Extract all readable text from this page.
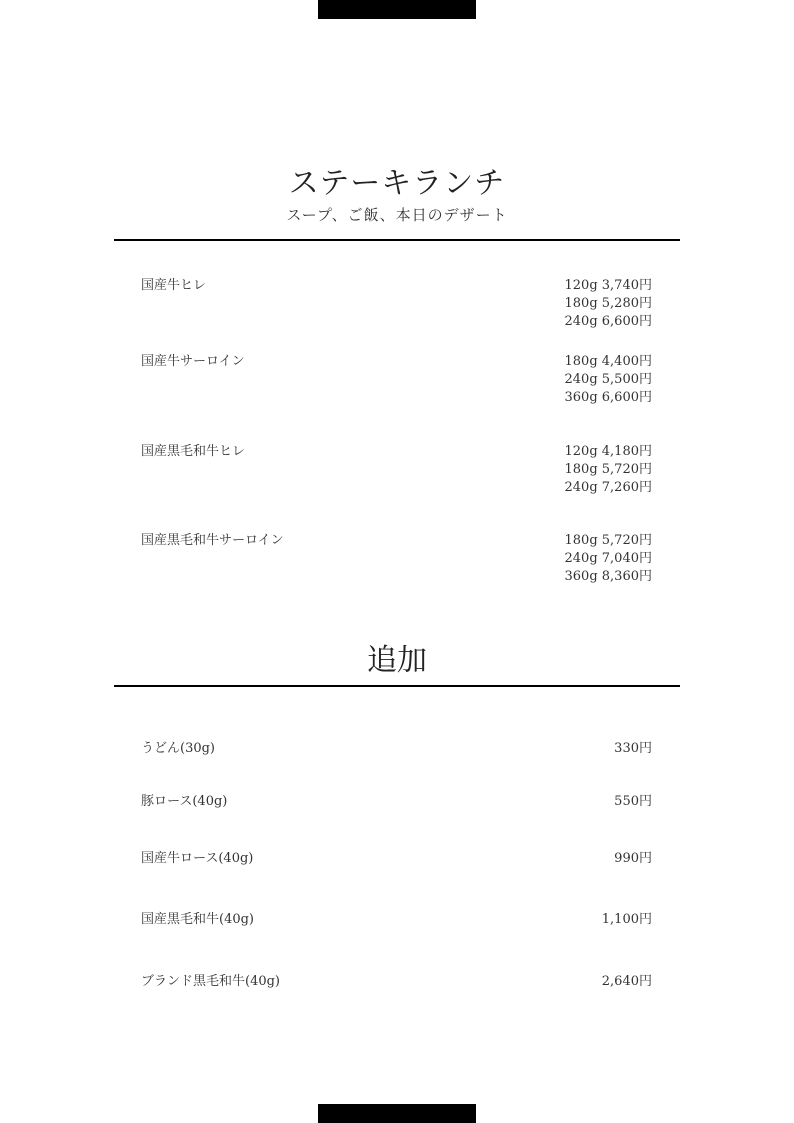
ステーキランチ
スープ、ご飯、本日のデザート
国産牛ヒレ	120g 3,740円
180g 5,280円
240g 6,600円
国産牛サーロイン	180g 4,400円
240g 5,500円
360g 6,600円
国産黒毛和牛ヒレ	120g 4,180円
180g 5,720円
240g 7,260円
国産黒毛和牛サーロイン	180g 5,720円
240g 7,040円
360g 8,360円
追加
うどん(30g)	330円
豚ロース(40g)	550円
国産牛ロース(40g)	990円
国産黒毛和牛(40g)	1,100円
ブランド黒毛和牛(40g)	2,640円
